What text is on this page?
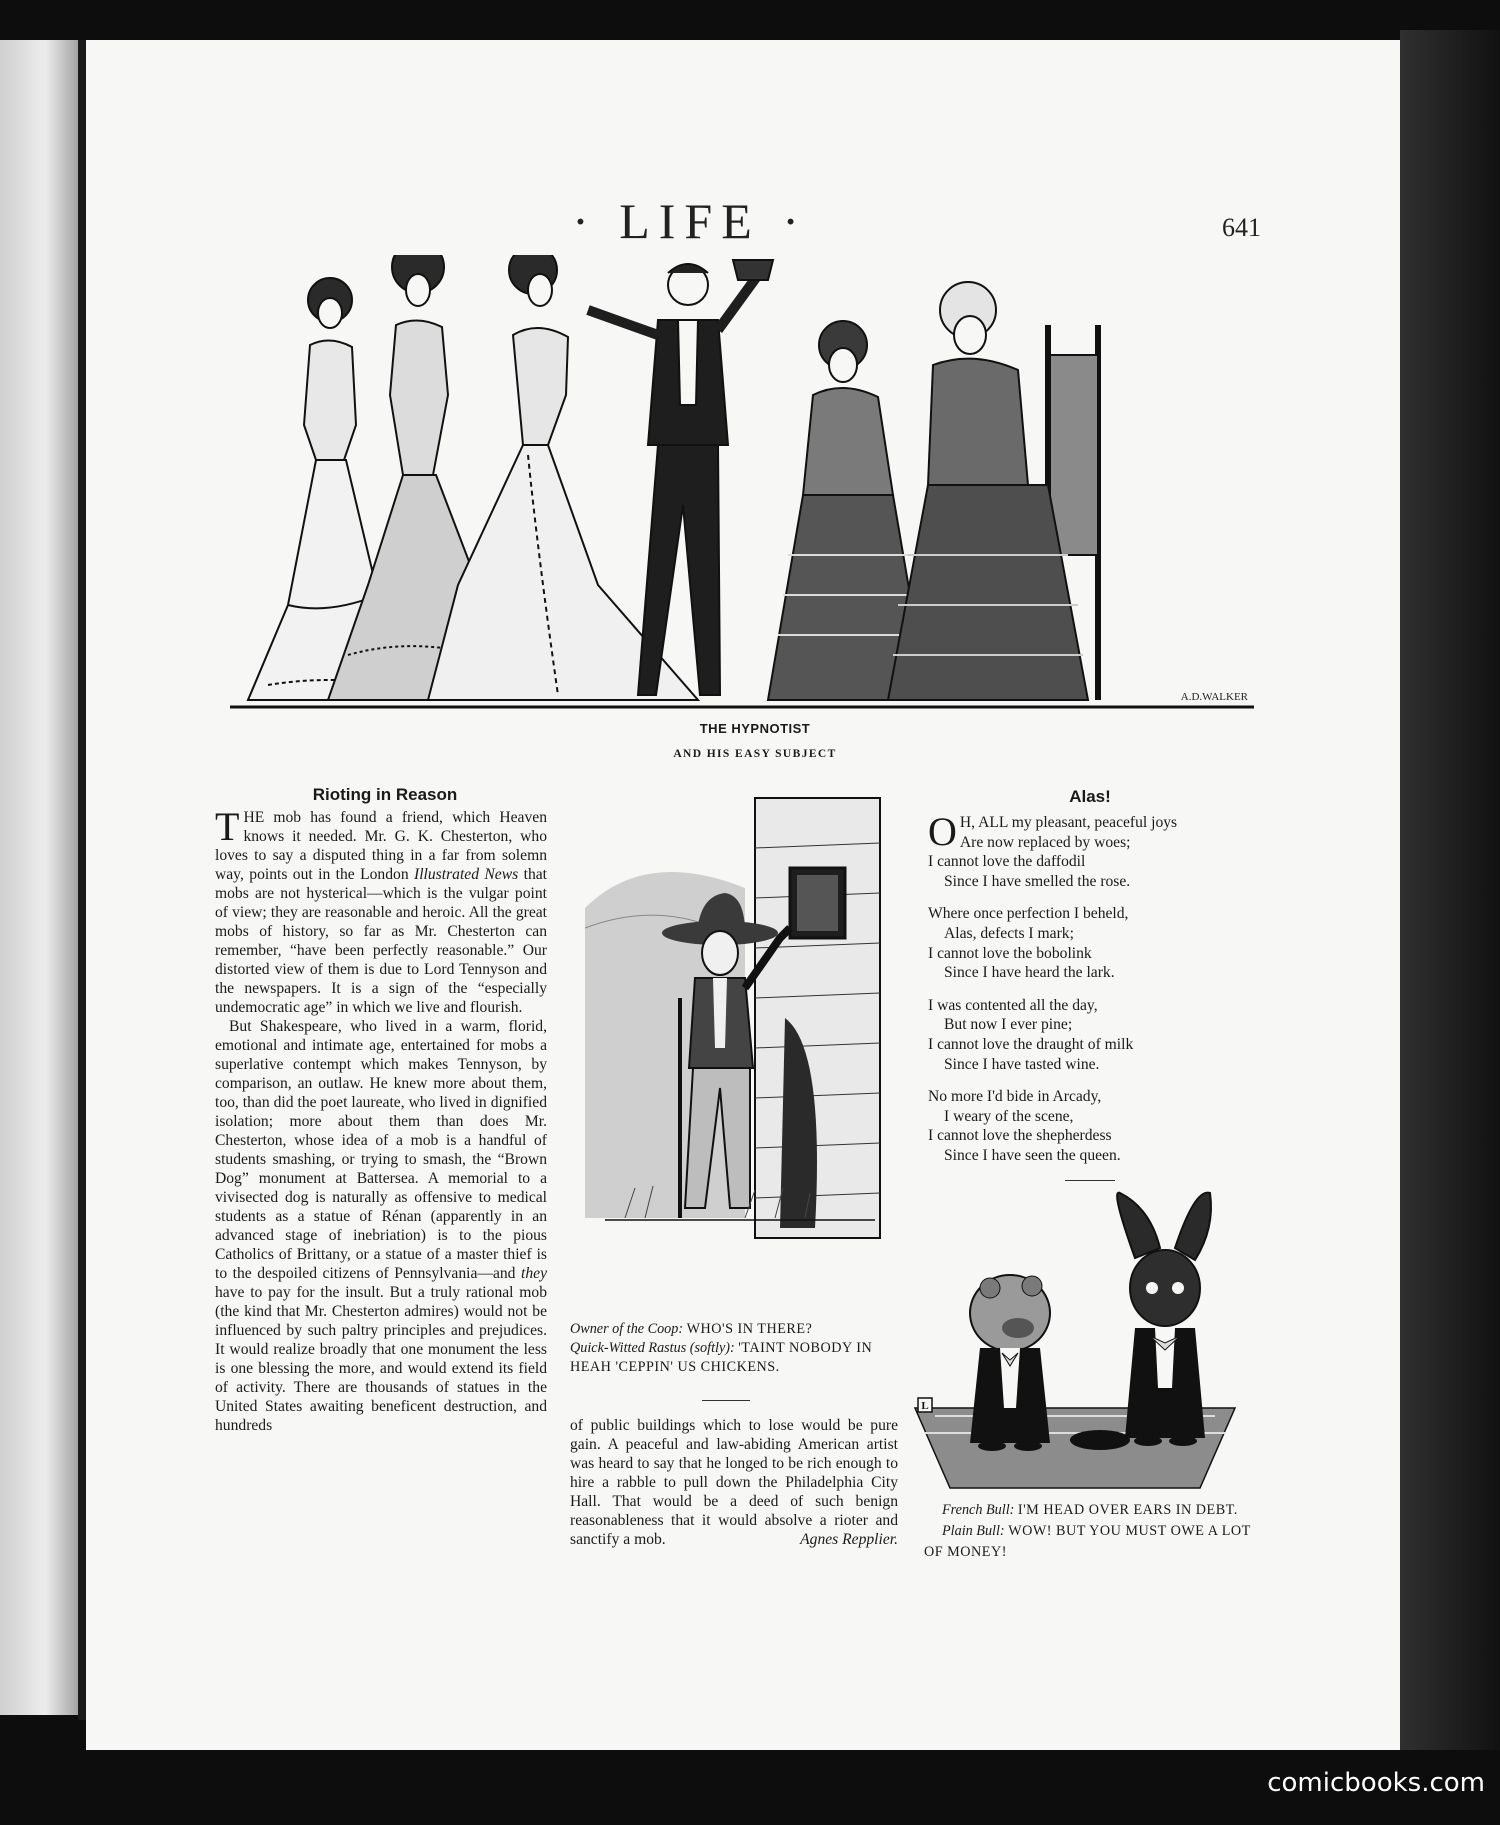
· LIFE ·	641
A.D.WALKER
THE HYPNOTIST
AND HIS EASY SUBJECT
Rioting in Reason

THE mob has found a friend, which Heaven knows it needed. Mr. G. K. Chesterton, who loves to say a disputed thing in a far from solemn way, points out in the London Illustrated News that mobs are not hysterical—which is the vulgar point of view; they are reasonable and heroic. All the great mobs of history, so far as Mr. Chesterton can remember, “have been perfectly reasonable.” Our distorted view of them is due to Lord Tennyson and the newspapers. It is a sign of the “especially undemocratic age” in which we live and flourish.

But Shakespeare, who lived in a warm, florid, emotional and intimate age, entertained for mobs a superlative contempt which makes Tennyson, by comparison, an outlaw. He knew more about them, too, than did the poet laureate, who lived in dignified isolation; more about them than does Mr. Chesterton, whose idea of a mob is a handful of students smashing, or trying to smash, the “Brown Dog” monument at Battersea. A memorial to a vivisected dog is naturally as offensive to medical students as a statue of Rénan (apparently in an advanced stage of inebriation) is to the pious Catholics of Brittany, or a statue of a master thief is to the despoiled citizens of Pennsylvania—and they have to pay for the insult. But a truly rational mob (the kind that Mr. Chesterton admires) would not be influenced by such paltry principles and prejudices. It would realize broadly that one monument the less is one blessing the more, and would extend its field of activity. There are thousands of statues in the United States awaiting beneficent destruction, and hundreds

Owner of the Coop: WHO'S IN THERE?
Quick-Witted Rastus (softly): 'TAINT NOBODY IN HEAH 'CEPPIN' US CHICKENS.
of public buildings which to lose would be pure gain. A peaceful and law-abiding American artist was heard to say that he longed to be rich enough to hire a rabble to pull down the Philadelphia City Hall. That would be a deed of such benign reasonableness that it would absolve a rioter and sanctify a mob.	Agnes Repplier.
Alas!
O H, ALL my pleasant, peaceful joys
Are now replaced by woes;
I cannot love the daffodil
Since I have smelled the rose.
Where once perfection I beheld,
Alas, defects I mark;
I cannot love the bobolink
Since I have heard the lark.
I was contented all the day,
But now I ever pine;
I cannot love the draught of milk
Since I have tasted wine.
No more I'd bide in Arcady,
I weary of the scene,
I cannot love the shepherdess
Since I have seen the queen.
L

French Bull: I'M HEAD OVER EARS IN DEBT.

Plain Bull: WOW! BUT YOU MUST OWE A LOT OF MONEY!

comicbooks.com
